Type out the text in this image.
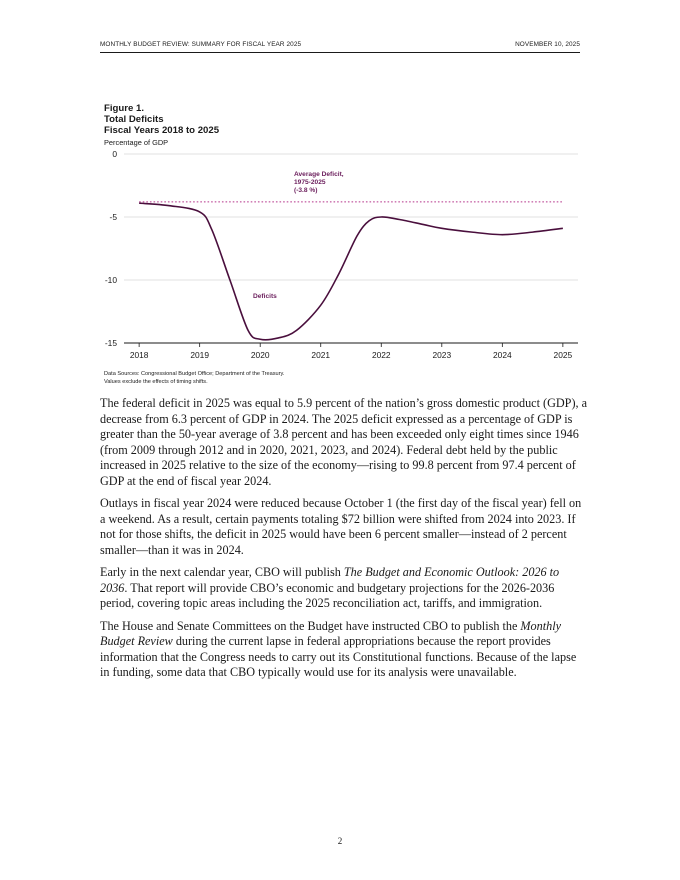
MONTHLY BUDGET REVIEW: SUMMARY FOR FISCAL YEAR 2025	NOVEMBER 10, 2025
Figure 1.
Total Deficits
Fiscal Years 2018 to 2025
Percentage of GDP
0
-5
-10
-15
2018	2019	2020	2021	2022	2023	2024	2025
Average Deficit,
1975-2025
(-3.8 %)
Deficits
Data Sources: Congressional Budget Office; Department of the Treasury.
Values exclude the effects of timing shifts.

The federal deficit in 2025 was equal to 5.9 percent of the nation’s gross domestic product (GDP), a decrease from 6.3 percent of GDP in 2024. The 2025 deficit expressed as a percentage of GDP is greater than the 50-year average of 3.8 percent and has been exceeded only eight times since 1946 (from 2009 through 2012 and in 2020, 2021, 2023, and 2024). Federal debt held by the public increased in 2025 relative to the size of the economy—rising to 99.8 percent from 97.4 percent of GDP at the end of fiscal year 2024.

Outlays in fiscal year 2024 were reduced because October 1 (the first day of the fiscal year) fell on a weekend. As a result, certain payments totaling $72 billion were shifted from 2024 into 2023. If not for those shifts, the deficit in 2025 would have been 6 percent smaller—instead of 2 percent smaller—than it was in 2024.

Early in the next calendar year, CBO will publish The Budget and Economic Outlook: 2026 to 2036. That report will provide CBO’s economic and budgetary projections for the 2026-2036 period, covering topic areas including the 2025 reconciliation act, tariffs, and immigration.

The House and Senate Committees on the Budget have instructed CBO to publish the Monthly Budget Review during the current lapse in federal appropriations because the report provides information that the Congress needs to carry out its Constitutional functions. Because of the lapse in funding, some data that CBO typically would use for its analysis were unavailable.

2
